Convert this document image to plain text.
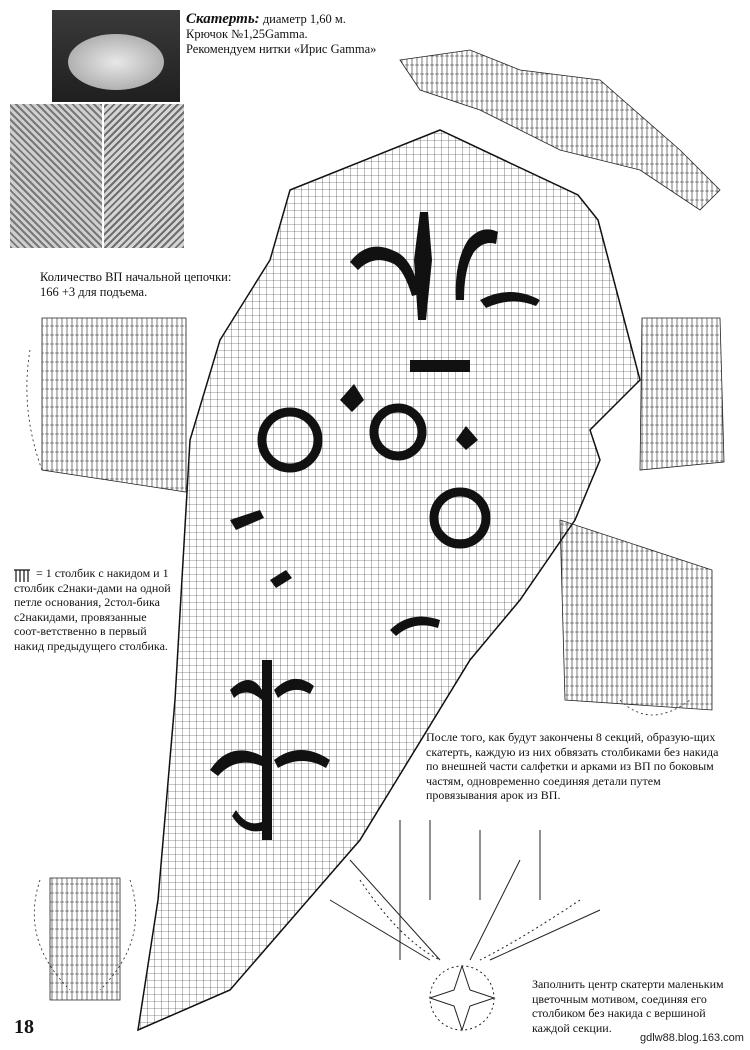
Скатерть: диаметр 1,60 м.
Крючок №1,25Gamma.
Рекомендуем нитки «Ирис Gamma»
Количество ВП начальной цепочки: 166 +3 для подъема.
= 1 столбик с накидом и 1 столбик с2наки-дами на одной петле основания, 2стол-бика с2накидами, провязанные соот-ветственно в первый накид предыдущего столбика.
После того, как будут закончены 8 секций, образую-щих скатерть, каждую из них обвязать столбиками без накида по внешней части салфетки и арками из ВП по боковым частям, одновременно соединяя детали путем провязывания арок из ВП.
Заполнить центр скатерти маленьким цветочным мотивом, соединяя его столбиком без накида с вершиной каждой секции.
18	gdlw88.blog.163.com
